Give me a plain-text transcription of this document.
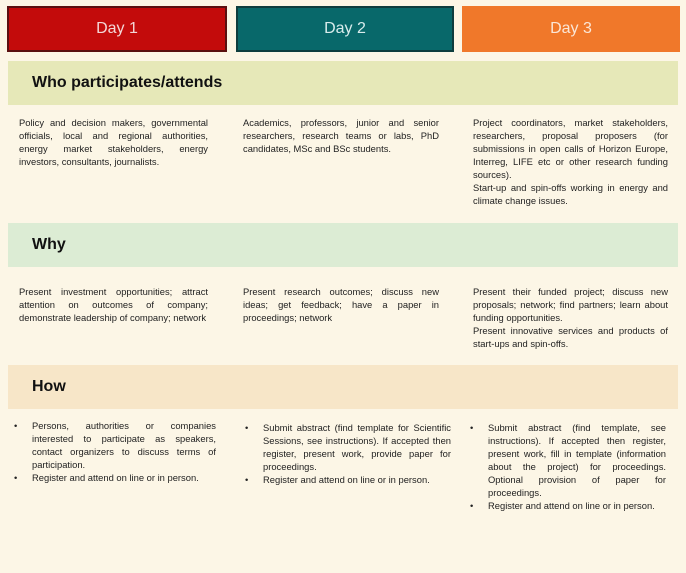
Day 1	Day 2	Day 3
Who participates/attends
Policy and decision makers, governmental officials, local and regional authorities, energy market stakeholders, energy investors, consultants, journalists.
Academics, professors, junior and senior researchers, research teams or labs, PhD candidates, MSc and BSc students.
Project coordinators, market stakeholders, researchers, proposal proposers (for submissions in open calls of Horizon Europe, Interreg, LIFE etc or other research funding sources).
Start-up and spin-offs working in energy and climate change issues.
Why
Present investment opportunities; attract attention on outcomes of company; demonstrate leadership of company; network
Present research outcomes; discuss new ideas; get feedback; have a paper in proceedings; network
Present their funded project; discuss new proposals; network; find partners; learn about funding opportunities.
Present innovative services and products of start-ups and spin-offs.
How
• Persons, authorities or companies interested to participate as speakers, contact organizers to discuss terms of participation.
• Register and attend on line or in person.
• Submit abstract (find template for Scientific Sessions, see instructions). If accepted then register, present work, provide paper for proceedings.
• Register and attend on line or in person.
• Submit abstract (find template, see instructions). If accepted then register, present work, fill in template (information about the project) for proceedings. Optional provision of paper for proceedings.
• Register and attend on line or in person.
